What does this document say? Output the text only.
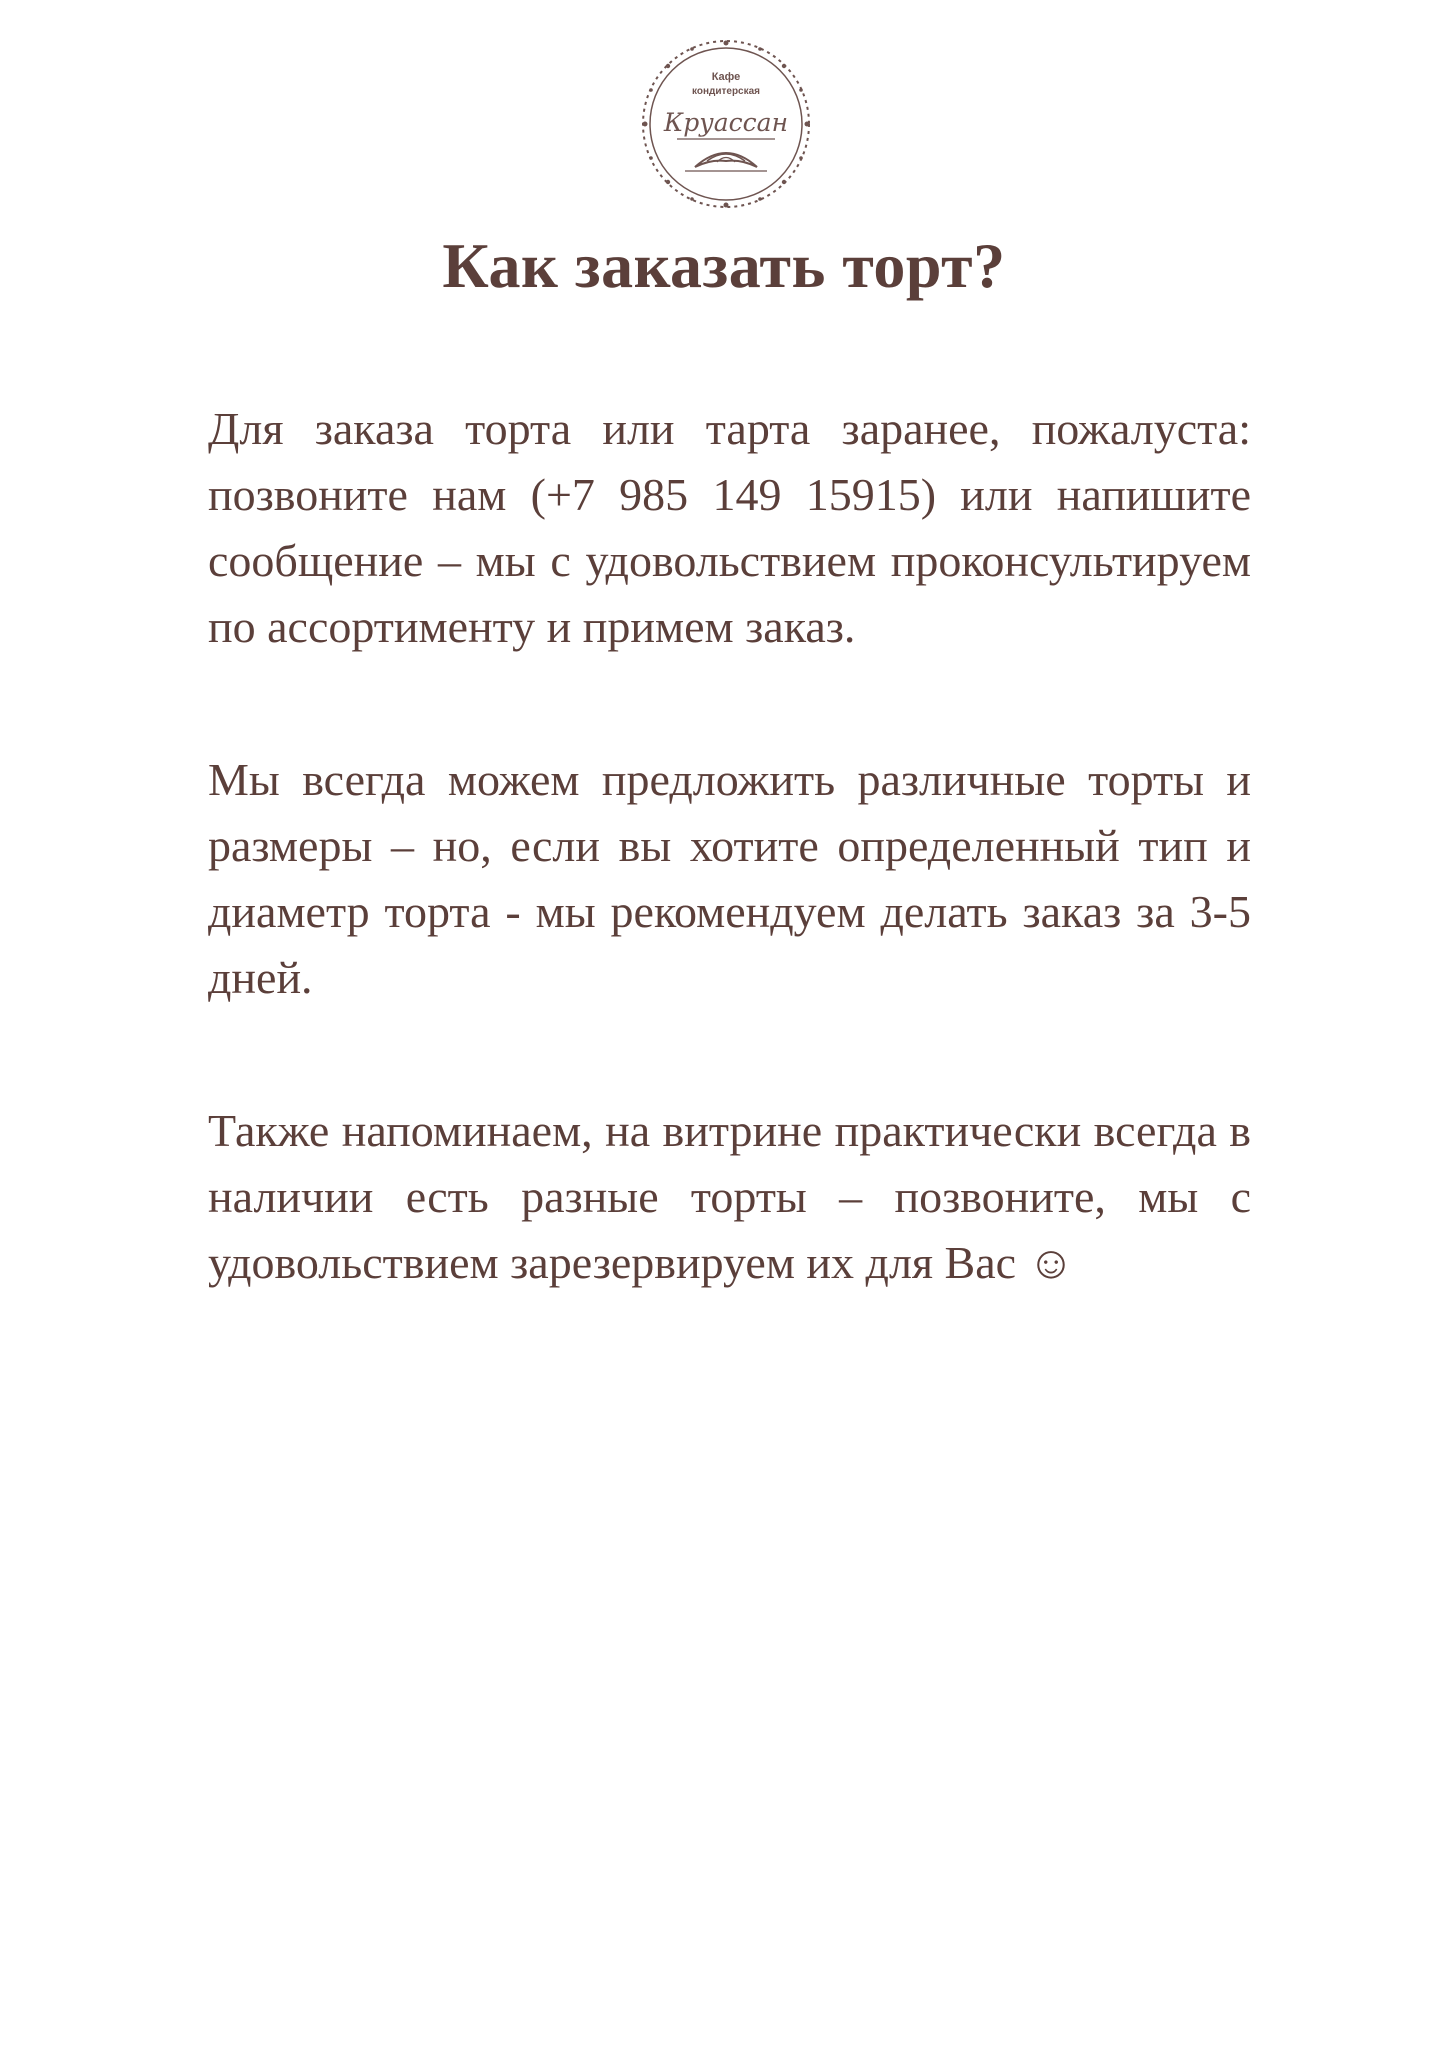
Кафе
кондитерская
Круассан
Как заказать торт?

Для заказа торта или тарта заранее, пожалуста: позвоните нам (+7 985 149 15915) или напишите сообщение – мы с удовольствием проконсультируем по ассортименту и примем заказ.

Мы всегда можем предложить различные торты и размеры – но, если вы хотите определенный тип и диаметр торта - мы рекомендуем делать заказ за 3-5 дней.

Также напоминаем, на витрине практически всегда в наличии есть разные торты – позвоните, мы с удовольствием зарезервируем их для Вас ☺
